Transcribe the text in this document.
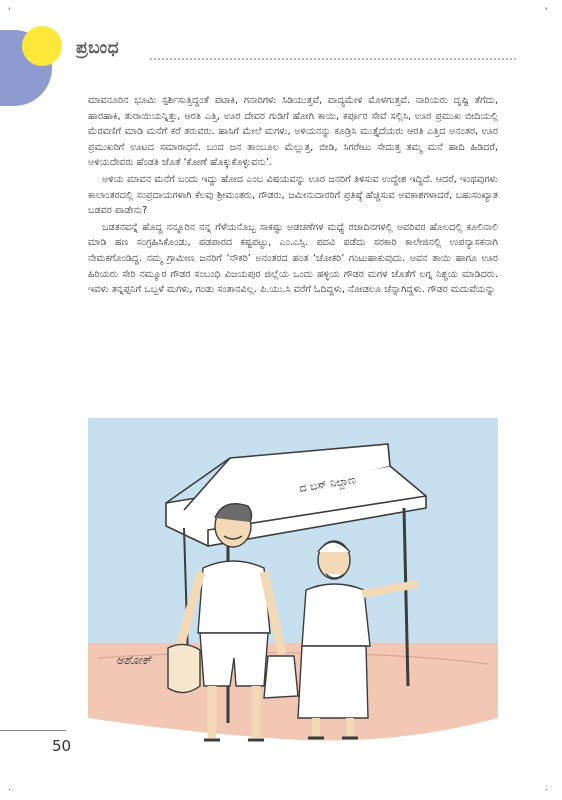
'	'
.	.
ಪ್ರಬಂಧ

ಮಾವನೂರಿನ ಭೂಮಿ ಸ್ಪರ್ಶಿಸುತ್ತಿದ್ದಂತೆ ಪಟಾಕಿ, ಗನಾರಿಗಳು ಸಿಡಿಯುತ್ತವೆ, ವಾದ್ಯಮೇಳ ಮೊಳಗುತ್ತವೆ. ನಾರಿಯರು ದೃಷ್ಟಿ ತೆಗೆದು, ಹಾರಹಾಕಿ, ತುರಾಯಿಯನ್ನಿತ್ತು, ಆರತಿ ಎತ್ತಿ, ಊರ ದೇವರ ಗುಡಿಗೆ ಹೋಗಿ ಕಾಯಿ, ಕರ್ಪೂರ ಸೇವೆ ಸಲ್ಲಿಸಿ, ಊರ ಪ್ರಮುಖ ಬೀದಿಯಲ್ಲಿ ಮೆರವಣಿಗೆ ಮಾಡಿ ಮನೆಗೆ ಕರೆ ತರುವರು. ಹಾಸಿಗೆ ಮೇಲೆ ಮಗಳು, ಅಳಿಯನನ್ನು ಕೂಡ್ರಿಸಿ ಮುತ್ತೈದೆಯರು ಆರತಿ ಎತ್ತಿದ ಅನಂತರ, ಊರ ಪ್ರಮುಖರಿಗೆ ಊಟದ ಸಮಾರಾಧನೆ. ಬಂದ ಜನ ತಾಂಬೂಲ ಮೆಲ್ಲುತ್ತ, ಬೀಡಿ, ಸಿಗರೇಟು ಸೇದುತ್ತ ತಮ್ಮ ಮನೆ ಹಾದಿ ಹಿಡಿದರೆ, ಅಳಿಯದೇವರು ಹೆಂಡತಿ ಜೊತೆ ‘ಕೋಣೆ ಹೊಕ್ಕುಕೊಳ್ಳುವನು’.

ಅಳಿಯ ಮಾವನ ಮನೆಗೆ ಬಂದು ಇದ್ದು ಹೋದ ಎಂಬ ವಿಷಯವನ್ನು ಊರ ಜನರಿಗೆ ತಿಳಿಸುವ ಉದ್ದೇಶ ಇದ್ದಿದೆ. ಆದರೆ, ಇಂಥವುಗಳು ಕಾಲಾಂತರದಲ್ಲಿ ಸಂಪ್ರದಾಯಗಳಾಗಿ ಕೆಲವು ಶ್ರೀಮಂತರು, ಗೌಡರು, ಜಮೀನುದಾರರಿಗೆ ಪ್ರತಿಷ್ಠೆ ಹೆಚ್ಚಿಸುವ ಅವಕಾಶಗಳಾದರೆ, ಬಹುಸಂಖ್ಯಾತ ಬಡವರ ಪಾಡೇನು?

ಬಡತನವನ್ನೆ ಹೊದ್ದ ನನ್ನೂರಿನ ನನ್ನ ಗೆಳೆಯನೊಬ್ಬ ಸಾಕಷ್ಟು ಅಡಚಣೆಗಳ ಮಧ್ಯೆ ರಜಾದಿನಗಳಲ್ಲಿ ಅವರಿವರ ಹೊಲದಲ್ಲಿ ಕೂಲಿನಾಲಿ ಮಾಡಿ ಹಣ ಸಂಗ್ರಹಿಸಿಕೊಂಡು, ಪಡಪಾರದ ಕಷ್ಟಪಟ್ಟು, ಎಂ.ಎಸ್ಸಿ. ಪದವಿ ಪಡೆದು ಸರಕಾರಿ ಕಾಲೇಜಿನಲ್ಲಿ ಉಪನ್ಯಾಸಕನಾಗಿ ನೇಮಕಗೊಂಡಿದ್ದ. ನಮ್ಮ ಗ್ರಾಮೀಣ ಜನರಿಗೆ ‘ನೌಕರಿ’ ಅನಂತರದ ಹಂತ ‘ಚೋಕರಿ’ ಗಂಟುಹಾಕುವುದು. ಅವನ ತಾಯಿ ಹಾಗೂ ಊರ ಹಿರಿಯರು ಸೇರಿ ನಮ್ಮೂರ ಗೌಡರ ಸಂಬಂಧಿ ವಿಜಯಪುರ ಜಿಲ್ಲೆಯ ಒಂದು ಹಳ್ಳಿಯ ಗೌಡರ ಮಗಳ ಜೊತೆಗೆ ಲಗ್ನ ನಿಶ್ಚಯ ಮಾಡಿದರು. ಇವಳು ತನ್ನಪ್ಪನಿಗೆ ಒಬ್ಬಳೆ ಮಗಳು, ಗಂಡು ಸಂತಾನವಿಲ್ಲ. ಪಿ.ಯು.ಸಿ ವರೆಗೆ ಓದಿದ್ದಳು, ನೋಡಲೂ ಚೆನ್ನಾಗಿದ್ದಳು. ಗೌಡರ ಮದುವೆಯನ್ನು

ದ ಬಸ್ ನಿಲ್ದಾಣ
ಅಶೋಕ್
50
